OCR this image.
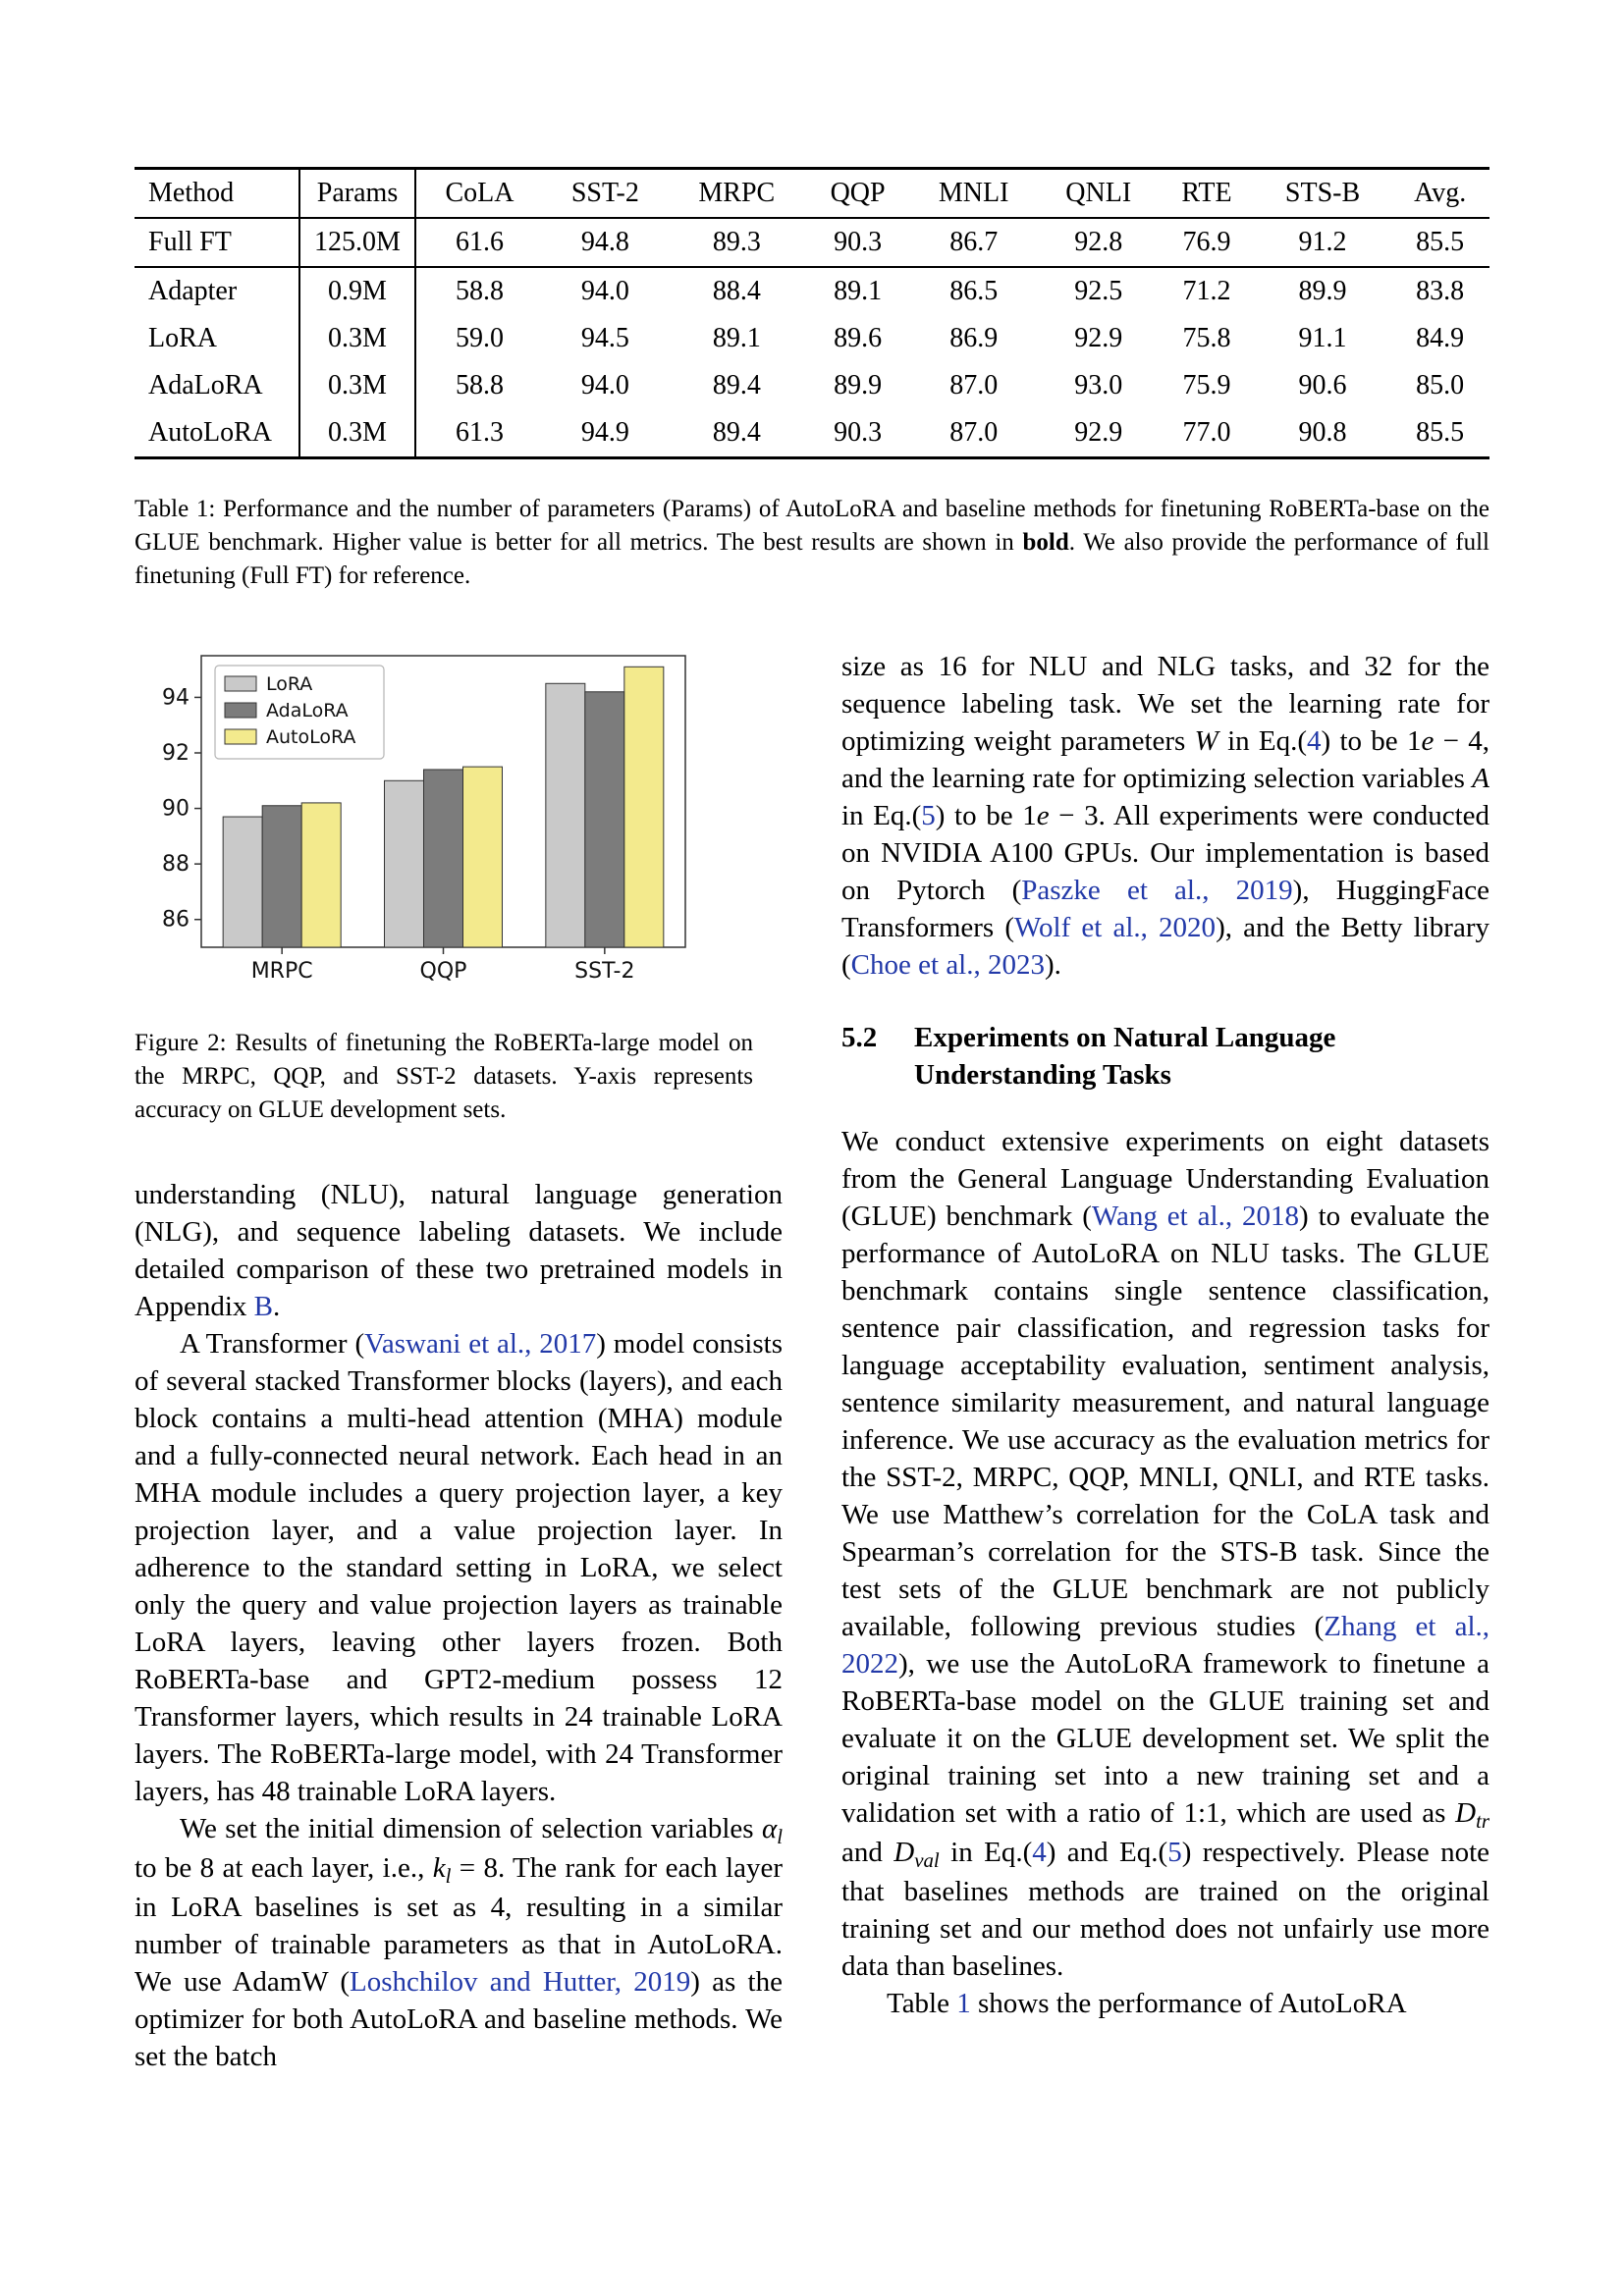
Method	Params	CoLA	SST-2	MRPC	QQP	MNLI	QNLI	RTE	STS-B	Avg.
Full FT	125.0M	61.6	94.8	89.3	90.3	86.7	92.8	76.9	91.2	85.5
Adapter	0.9M	58.8	94.0	88.4	89.1	86.5	92.5	71.2	89.9	83.8
LoRA	0.3M	59.0	94.5	89.1	89.6	86.9	92.9	75.8	91.1	84.9
AdaLoRA	0.3M	58.8	94.0	89.4	89.9	87.0	93.0	75.9	90.6	85.0
AutoLoRA	0.3M	61.3	94.9	89.4	90.3	87.0	92.9	77.0	90.8	85.5
Table 1: Performance and the number of parameters (Params) of AutoLoRA and baseline methods for finetuning RoBERTa-base on the GLUE benchmark. Higher value is better for all metrics. The best results are shown in bold. We also provide the performance of full finetuning (Full FT) for reference.
86
88
90
92
94
MRPC	QQP	SST-2
LoRA
AdaLoRA
AutoLoRA
Figure 2: Results of finetuning the RoBERTa-large model on the MRPC, QQP, and SST-2 datasets. Y-axis represents accuracy on GLUE development sets.

understanding (NLU), natural language generation (NLG), and sequence labeling datasets. We include detailed comparison of these two pretrained models in Appendix B.

A Transformer (Vaswani et al., 2017) model consists of several stacked Transformer blocks (layers), and each block contains a multi-head attention (MHA) module and a fully-connected neural network. Each head in an MHA module includes a query projection layer, a key projection layer, and a value projection layer. In adherence to the standard setting in LoRA, we select only the query and value projection layers as trainable LoRA layers, leaving other layers frozen. Both RoBERTa-base and GPT2-medium possess 12 Transformer layers, which results in 24 trainable LoRA layers. The RoBERTa-large model, with 24 Transformer layers, has 48 trainable LoRA layers.

We set the initial dimension of selection variables $\alpha_l$ to be 8 at each layer, i.e., $k_l = 8$. The rank for each layer in LoRA baselines is set as 4, resulting in a similar number of trainable parameters as that in AutoLoRA. We use AdamW (Loshchilov and Hutter, 2019) as the optimizer for both AutoLoRA and baseline methods. We set the batch

size as 16 for NLU and NLG tasks, and 32 for the sequence labeling task. We set the learning rate for optimizing weight parameters W in Eq.(4) to be 1e − 4, and the learning rate for optimizing selection variables A in Eq.(5) to be 1e − 3. All experiments were conducted on NVIDIA A100 GPUs. Our implementation is based on Pytorch (Paszke et al., 2019), HuggingFace Transformers (Wolf et al., 2020), and the Betty library (Choe et al., 2023).

5.2	Experiments on Natural Language Understanding Tasks

We conduct extensive experiments on eight datasets from the General Language Understanding Evaluation (GLUE) benchmark (Wang et al., 2018) to evaluate the performance of AutoLoRA on NLU tasks. The GLUE benchmark contains single sentence classification, sentence pair classification, and regression tasks for language acceptability evaluation, sentiment analysis, sentence similarity measurement, and natural language inference. We use accuracy as the evaluation metrics for the SST-2, MRPC, QQP, MNLI, QNLI, and RTE tasks. We use Matthew’s correlation for the CoLA task and Spearman’s correlation for the STS-B task. Since the test sets of the GLUE benchmark are not publicly available, following previous studies (Zhang et al., 2022), we use the AutoLoRA framework to finetune a RoBERTa-base model on the GLUE training set and evaluate it on the GLUE development set. We split the original training set into a new training set and a validation set with a ratio of 1:1, which are used as $D_{tr}$ and $D_{val}$ in Eq.(4) and Eq.(5) respectively. Please note that baselines methods are trained on the original training set and our method does not unfairly use more data than baselines.

Table 1 shows the performance of AutoLoRA
